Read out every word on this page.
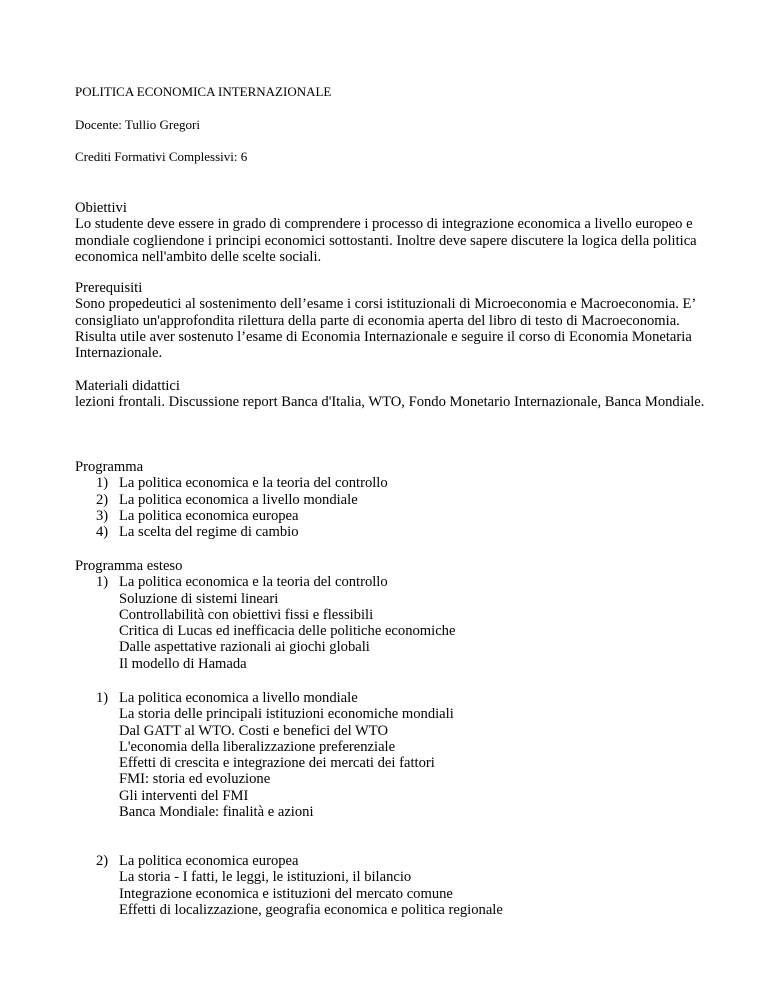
POLITICA ECONOMICA INTERNAZIONALE
Docente: Tullio Gregori
Crediti Formativi Complessivi: 6
Obiettivi
Lo studente deve essere in grado di comprendere i processo di integrazione economica a livello europeo e mondiale cogliendone i principi economici sottostanti. Inoltre deve sapere discutere la logica della politica economica nell'ambito delle scelte sociali.
Prerequisiti
Sono propedeutici al sostenimento dell’esame i corsi istituzionali di Microeconomia e Macroeconomia. E’ consigliato un'approfondita rilettura della parte di economia aperta del libro di testo di Macroeconomia. Risulta utile aver sostenuto l’esame di Economia Internazionale e seguire il corso di Economia Monetaria Internazionale.
Materiali didattici
lezioni frontali. Discussione report Banca d'Italia, WTO, Fondo Monetario Internazionale, Banca Mondiale.
Programma
1) La politica economica e la teoria del controllo
2) La politica economica a livello mondiale
3) La politica economica europea
4) La scelta del regime di cambio
Programma esteso
1) La politica economica e la teoria del controllo
Soluzione di sistemi lineari
Controllabilità con obiettivi fissi e flessibili
Critica di Lucas ed inefficacia delle politiche economiche
Dalle aspettative razionali ai giochi globali
Il modello di Hamada
1) La politica economica a livello mondiale
La storia delle principali istituzioni economiche mondiali
Dal GATT al WTO. Costi e benefici del WTO
L'economia della liberalizzazione preferenziale
Effetti di crescita e integrazione dei mercati dei fattori
FMI: storia ed evoluzione
Gli interventi del FMI
Banca Mondiale: finalità e azioni
2) La politica economica europea
La storia - I fatti, le leggi, le istituzioni, il bilancio
Integrazione economica e istituzioni del mercato comune
Effetti di localizzazione, geografia economica e politica regionale
